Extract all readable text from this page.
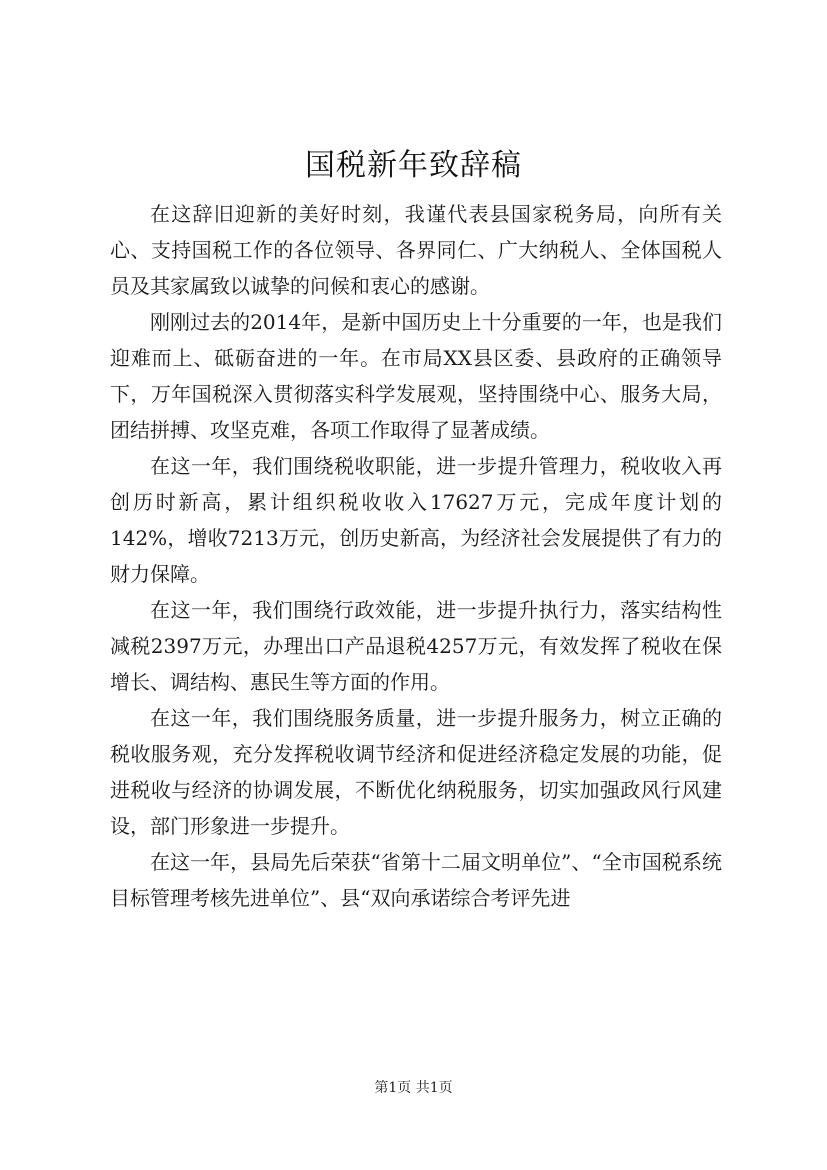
国税新年致辞稿

在这辞旧迎新的美好时刻，我谨代表县国家税务局，向所有关心、支持国税工作的各位领导、各界同仁、广大纳税人、全体国税人员及其家属致以诚挚的问候和衷心的感谢。

刚刚过去的2014年，是新中国历史上十分重要的一年，也是我们迎难而上、砥砺奋进的一年。在市局XX县区委、县政府的正确领导下，万年国税深入贯彻落实科学发展观，坚持围绕中心、服务大局，团结拼搏、攻坚克难，各项工作取得了显著成绩。

在这一年，我们围绕税收职能，进一步提升管理力，税收收入再创历时新高，累计组织税收收入17627万元，完成年度计划的142%，增收7213万元，创历史新高，为经济社会发展提供了有力的财力保障。

在这一年，我们围绕行政效能，进一步提升执行力，落实结构性减税2397万元，办理出口产品退税4257万元，有效发挥了税收在保增长、调结构、惠民生等方面的作用。

在这一年，我们围绕服务质量，进一步提升服务力，树立正确的税收服务观，充分发挥税收调节经济和促进经济稳定发展的功能，促进税收与经济的协调发展，不断优化纳税服务，切实加强政风行风建设，部门形象进一步提升。

在这一年，县局先后荣获“省第十二届文明单位”、“全市国税系统目标管理考核先进单位”、县“双向承诺综合考评先进

第1页 共1页
